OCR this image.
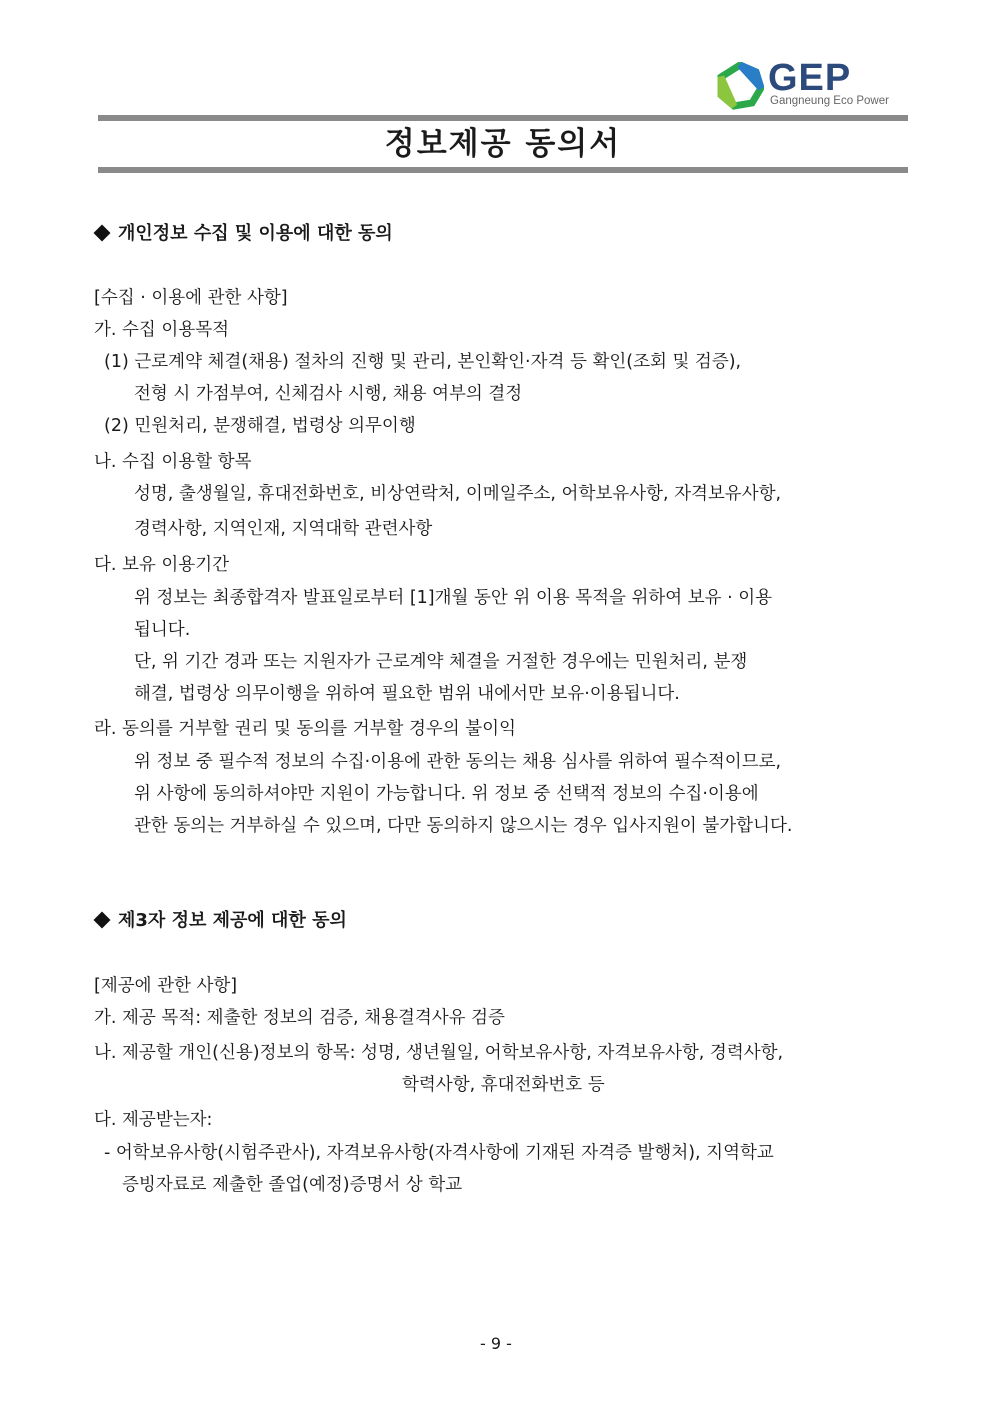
GEP
Gangneung Eco Power
정보제공 동의서
개인정보 수집 및 이용에 대한 동의
[수집 · 이용에 관한 사항]
가. 수집 이용목적
(1) 근로계약 체결(채용) 절차의 진행 및 관리, 본인확인·자격 등 확인(조회 및 검증),
전형 시 가점부여, 신체검사 시행, 채용 여부의 결정
(2) 민원처리, 분쟁해결, 법령상 의무이행
나. 수집 이용할 항목
성명, 출생월일, 휴대전화번호, 비상연락처, 이메일주소, 어학보유사항, 자격보유사항,
경력사항, 지역인재, 지역대학 관련사항
다. 보유 이용기간
위 정보는 최종합격자 발표일로부터 [1]개월 동안 위 이용 목적을 위하여 보유 · 이용
됩니다.
단, 위 기간 경과 또는 지원자가 근로계약 체결을 거절한 경우에는 민원처리, 분쟁
해결, 법령상 의무이행을 위하여 필요한 범위 내에서만 보유·이용됩니다.
라. 동의를 거부할 권리 및 동의를 거부할 경우의 불이익
위 정보 중 필수적 정보의 수집·이용에 관한 동의는 채용 심사를 위하여 필수적이므로,
위 사항에 동의하셔야만 지원이 가능합니다. 위 정보 중 선택적 정보의 수집·이용에
관한 동의는 거부하실 수 있으며, 다만 동의하지 않으시는 경우 입사지원이 불가합니다.
제3자 정보 제공에 대한 동의
[제공에 관한 사항]
가. 제공 목적: 제출한 정보의 검증, 채용결격사유 검증
나. 제공할 개인(신용)정보의 항목: 성명, 생년월일, 어학보유사항, 자격보유사항, 경력사항,
학력사항, 휴대전화번호 등
다. 제공받는자:
- 어학보유사항(시험주관사), 자격보유사항(자격사항에 기재된 자격증 발행처), 지역학교
증빙자료로 제출한 졸업(예정)증명서 상 학교
- 9 -
